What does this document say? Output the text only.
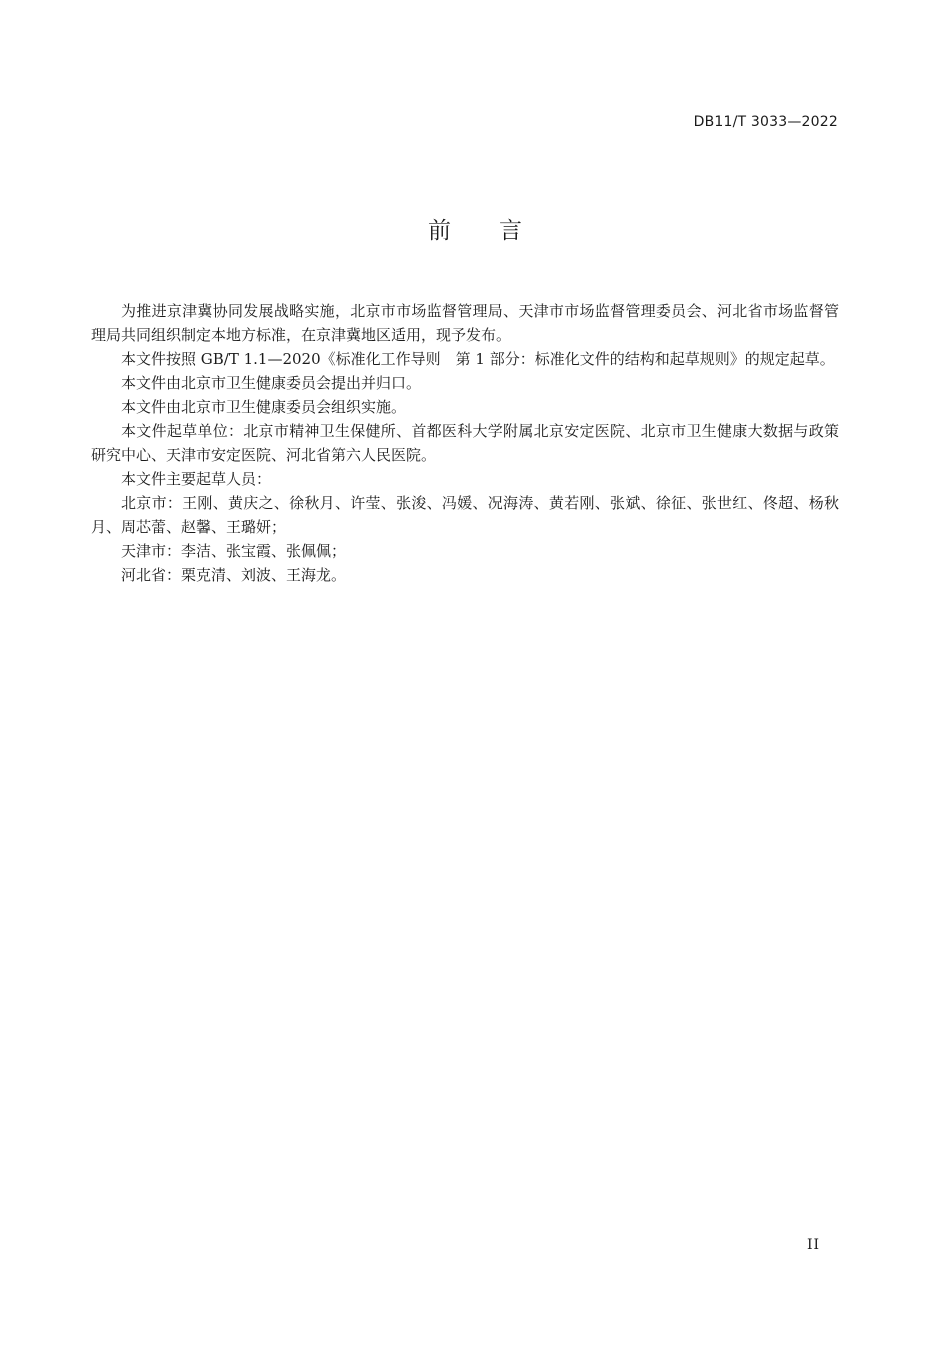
DB11/T 3033—2022
前言

为推进京津冀协同发展战略实施，北京市市场监督管理局、天津市市场监督管理委员会、河北省市场监督管理局共同组织制定本地方标准，在京津冀地区适用，现予发布。

本文件按照 GB/T 1.1—2020《标准化工作导则　第 1 部分：标准化文件的结构和起草规则》的规定起草。

本文件由北京市卫生健康委员会提出并归口。

本文件由北京市卫生健康委员会组织实施。

本文件起草单位：北京市精神卫生保健所、首都医科大学附属北京安定医院、北京市卫生健康大数据与政策研究中心、天津市安定医院、河北省第六人民医院。

本文件主要起草人员：

北京市：王刚、黄庆之、徐秋月、许莹、张浚、冯媛、况海涛、黄若刚、张斌、徐征、张世红、佟超、杨秋月、周芯蕾、赵馨、王璐妍；

天津市：李洁、张宝霞、张佩佩；

河北省：栗克清、刘波、王海龙。

II
